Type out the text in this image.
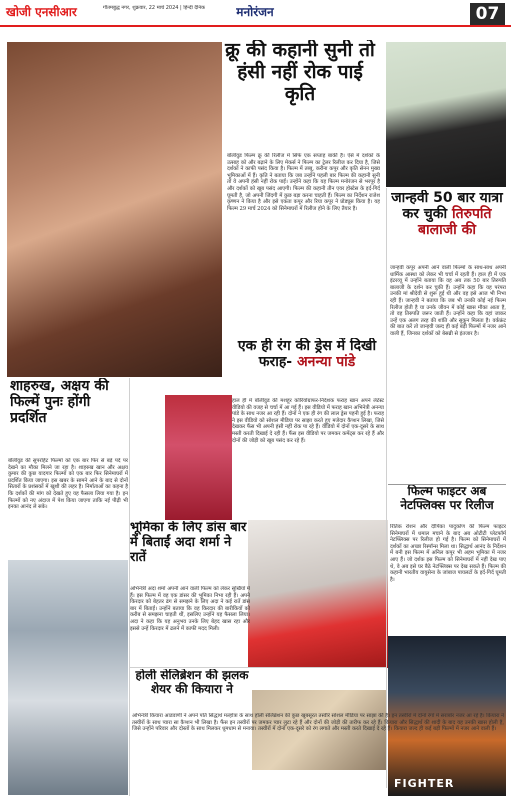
खोजी एनसीआर	गौतमबुद्ध नगर, शुक्रवार, 22 मार्च 2024 | हिन्दी दैनिक	मनोरंजन	07
FIGHTER
क्रू की कहानी सुनी तो हंसी नहीं रोक पाई कृति
बॉलीवुड फिल्म क्रू की रिलीज में सिर्फ एक सप्ताह बाकी है। ऐसे में दर्शकों के उत्साह को और बढ़ाने के लिए मेकर्स ने फिल्म का ट्रेलर रिलीज कर दिया है, जिसे दर्शकों ने काफी पसंद किया है। फिल्म में तब्बू, करीना कपूर और कृति सेनन मुख्य भूमिकाओं में हैं। कृति ने बताया कि जब उन्होंने पहली बार फिल्म की कहानी सुनी तो वे अपनी हंसी नहीं रोक पाईं। उन्होंने कहा कि यह फिल्म मनोरंजन से भरपूर है और दर्शकों को खूब पसंद आएगी। फिल्म की कहानी तीन एयर होस्टेस के इर्द-गिर्द घूमती है, जो अपनी जिंदगी में कुछ बड़ा करना चाहती हैं। फिल्म का निर्देशन राजेश कृष्णन ने किया है और इसे एकता कपूर और रिया कपूर ने प्रोड्यूस किया है। यह फिल्म 29 मार्च 2024 को सिनेमाघरों में रिलीज होने के लिए तैयार है।
जान्हवी 50 बार यात्रा कर चुकी तिरुपति बालाजी की
जान्हवी कपूर अपनी आने वाली फिल्मों के साथ-साथ अपनी धार्मिक आस्था को लेकर भी चर्चा में रहती हैं। हाल ही में एक इंटरव्यू में उन्होंने बताया कि वह अब तक 50 बार तिरुपति बालाजी के दर्शन कर चुकी हैं। उन्होंने कहा कि यह परंपरा उनकी मां श्रीदेवी से शुरू हुई थी और वह इसे आज भी निभा रही हैं। जान्हवी ने बताया कि जब भी उनकी कोई नई फिल्म रिलीज होती है या उनके जीवन में कोई खास मौका आता है, तो वह तिरुपति जरूर जाती हैं। उन्होंने कहा कि वहां जाकर उन्हें एक अलग तरह की शांति और सुकून मिलता है। वर्कफ्रंट की बात करें तो जान्हवी जल्द ही कई बड़ी फिल्मों में नजर आने वाली हैं, जिनका दर्शकों को बेसब्री से इंतजार है।
एक ही रंग की ड्रेस में दिखी फराह- अनन्या पांडे
हाल ही में बॉलीवुड की मशहूर कोरियोग्राफर-निर्देशक फराह खान अपने लेटेस्ट वीडियो की वजह से चर्चा में आ गई हैं। इस वीडियो में फराह खान अभिनेत्री अनन्या पांडे के साथ नजर आ रही हैं। दोनों ने एक ही रंग की लाल ड्रेस पहनी हुई है। फराह ने इस वीडियो को सोशल मीडिया पर साझा करते हुए मजेदार कैप्शन लिखा, जिसे देखकर फैंस भी अपनी हंसी नहीं रोक पा रहे हैं। वीडियो में दोनों एक-दूसरे के साथ मस्ती करती दिखाई दे रही हैं। फैंस इस वीडियो पर जमकर कमेंट्स कर रहे हैं और दोनों की जोड़ी को खूब पसंद कर रहे हैं।
शाहरुख, अक्षय की फिल्में पुनः होंगी प्रदर्शित
बॉलीवुड की सुपरहिट फिल्मों को एक बार फिर से बड़े पर्दे पर देखने का मौका मिलने जा रहा है। शाहरुख खान और अक्षय कुमार की कुछ यादगार फिल्मों को एक बार फिर सिनेमाघरों में प्रदर्शित किया जाएगा। इस खबर के सामने आने के बाद से दोनों सितारों के प्रशंसकों में खुशी की लहर है। निर्माताओं का कहना है कि दर्शकों की मांग को देखते हुए यह फैसला लिया गया है। इन फिल्मों को नए अंदाज में पेश किया जाएगा ताकि नई पीढ़ी भी इनका आनंद ले सके।
भूमिका के लिए डांस बार में बिताईं अदा शर्मा ने रातें
अभिनेत्री अदा शर्मा अपनी आने वाली फिल्म को लेकर सुर्खियों में हैं। इस फिल्म में वह एक डांसर की भूमिका निभा रही हैं। अपने किरदार को बेहतर ढंग से समझने के लिए अदा ने कई रातें डांस बार में बिताईं। उन्होंने बताया कि वह किरदार की बारीकियों को करीब से समझना चाहती थीं, इसलिए उन्होंने यह फैसला लिया। अदा ने कहा कि यह अनुभव उनके लिए बेहद खास रहा और इससे उन्हें किरदार में ढलने में काफी मदद मिली।
फिल्म फाइटर अब नेटफ्लिक्स पर रिलीज
रितिक रोशन और दीपिका पादुकोण की फिल्म फाइटर सिनेमाघरों में धमाल मचाने के बाद अब ओटीटी प्लेटफॉर्म नेटफ्लिक्स पर रिलीज हो गई है। फिल्म को सिनेमाघरों में दर्शकों का अच्छा रिस्पॉन्स मिला था। सिद्धार्थ आनंद के निर्देशन में बनी इस फिल्म में अनिल कपूर भी अहम भूमिका में नजर आए हैं। जो दर्शक इस फिल्म को सिनेमाघरों में नहीं देख पाए थे, वे अब इसे घर बैठे नेटफ्लिक्स पर देख सकते हैं। फिल्म की कहानी भारतीय वायुसेना के जांबाज पायलटों के इर्द-गिर्द घूमती है।
होली सेलिब्रेशन की झलक शेयर की कियारा ने
अभिनेत्री कियारा आडवाणी ने अपने पति सिद्धार्थ मल्होत्रा के साथ होली सेलिब्रेशन की कुछ खूबसूरत तस्वीरें सोशल मीडिया पर साझा की हैं। इन तस्वीरों में दोनों रंगों में सराबोर नजर आ रहे हैं। कियारा ने तस्वीरों के साथ प्यारा सा कैप्शन भी लिखा है। फैंस इन तस्वीरों पर जमकर प्यार लुटा रहे हैं और दोनों की जोड़ी की तारीफ कर रहे हैं। कियारा और सिद्धार्थ की शादी के बाद यह उनकी खास होली है, जिसे उन्होंने परिवार और दोस्तों के साथ मिलकर धूमधाम से मनाया। तस्वीरों में दोनों एक-दूसरे को रंग लगाते और मस्ती करते दिखाई दे रहे हैं। कियारा जल्द ही कई बड़ी फिल्मों में नजर आने वाली हैं।
